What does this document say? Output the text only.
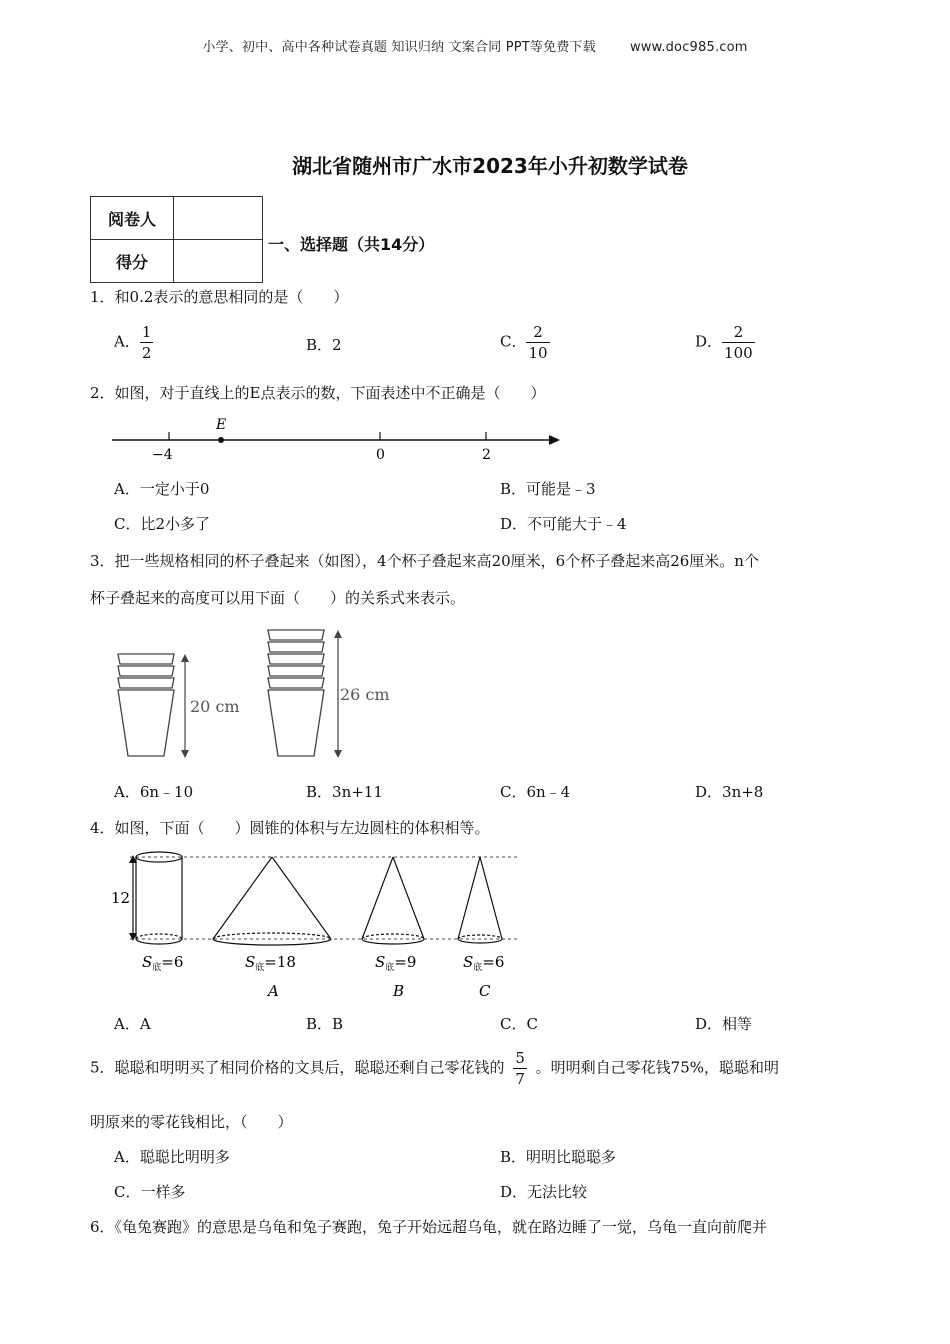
小学、初中、高中各种试卷真题 知识归纳 文案合同 PPT等免费下载	www.doc985.com
湖北省随州市广水市2023年小升初数学试卷
阅卷人	
得分	
一、选择题（共14分）
1．和0.2表示的意思相同的是（　　）
A． $\frac{1}{2}$	B．2	C． $\frac{2}{10}$	D． $\frac{2}{100}$
2．如图，对于直线上的E点表示的数，下面表述中不正确是（　　）
E
−4	0	2
A．一定小于0	B．可能是﹣3
C．比2小多了	D．不可能大于﹣4
3．把一些规格相同的杯子叠起来（如图），4个杯子叠起来高20厘米，6个杯子叠起来高26厘米。n个
杯子叠起来的高度可以用下面（　　）的关系式来表示。
20 cm
26 cm
A．6n﹣10	B．3n+11	C．6n﹣4	D．3n+8
4．如图，下面（　　）圆锥的体积与左边圆柱的体积相等。
12
$S_底=6$	$S_底=18$	$S_底=9$	$S_底=6$
A	B	C
A．A	B．B	C．C	D．相等
5．聪聪和明明买了相同价格的文具后，聪聪还剩自己零花钱的 $\frac{5}{7}$ 。明明剩自己零花钱75%，聪聪和明
明原来的零花钱相比，（　　）
A．聪聪比明明多	B．明明比聪聪多
C．一样多	D．无法比较
6．《龟兔赛跑》的意思是乌龟和兔子赛跑，兔子开始远超乌龟，就在路边睡了一觉，乌龟一直向前爬并
